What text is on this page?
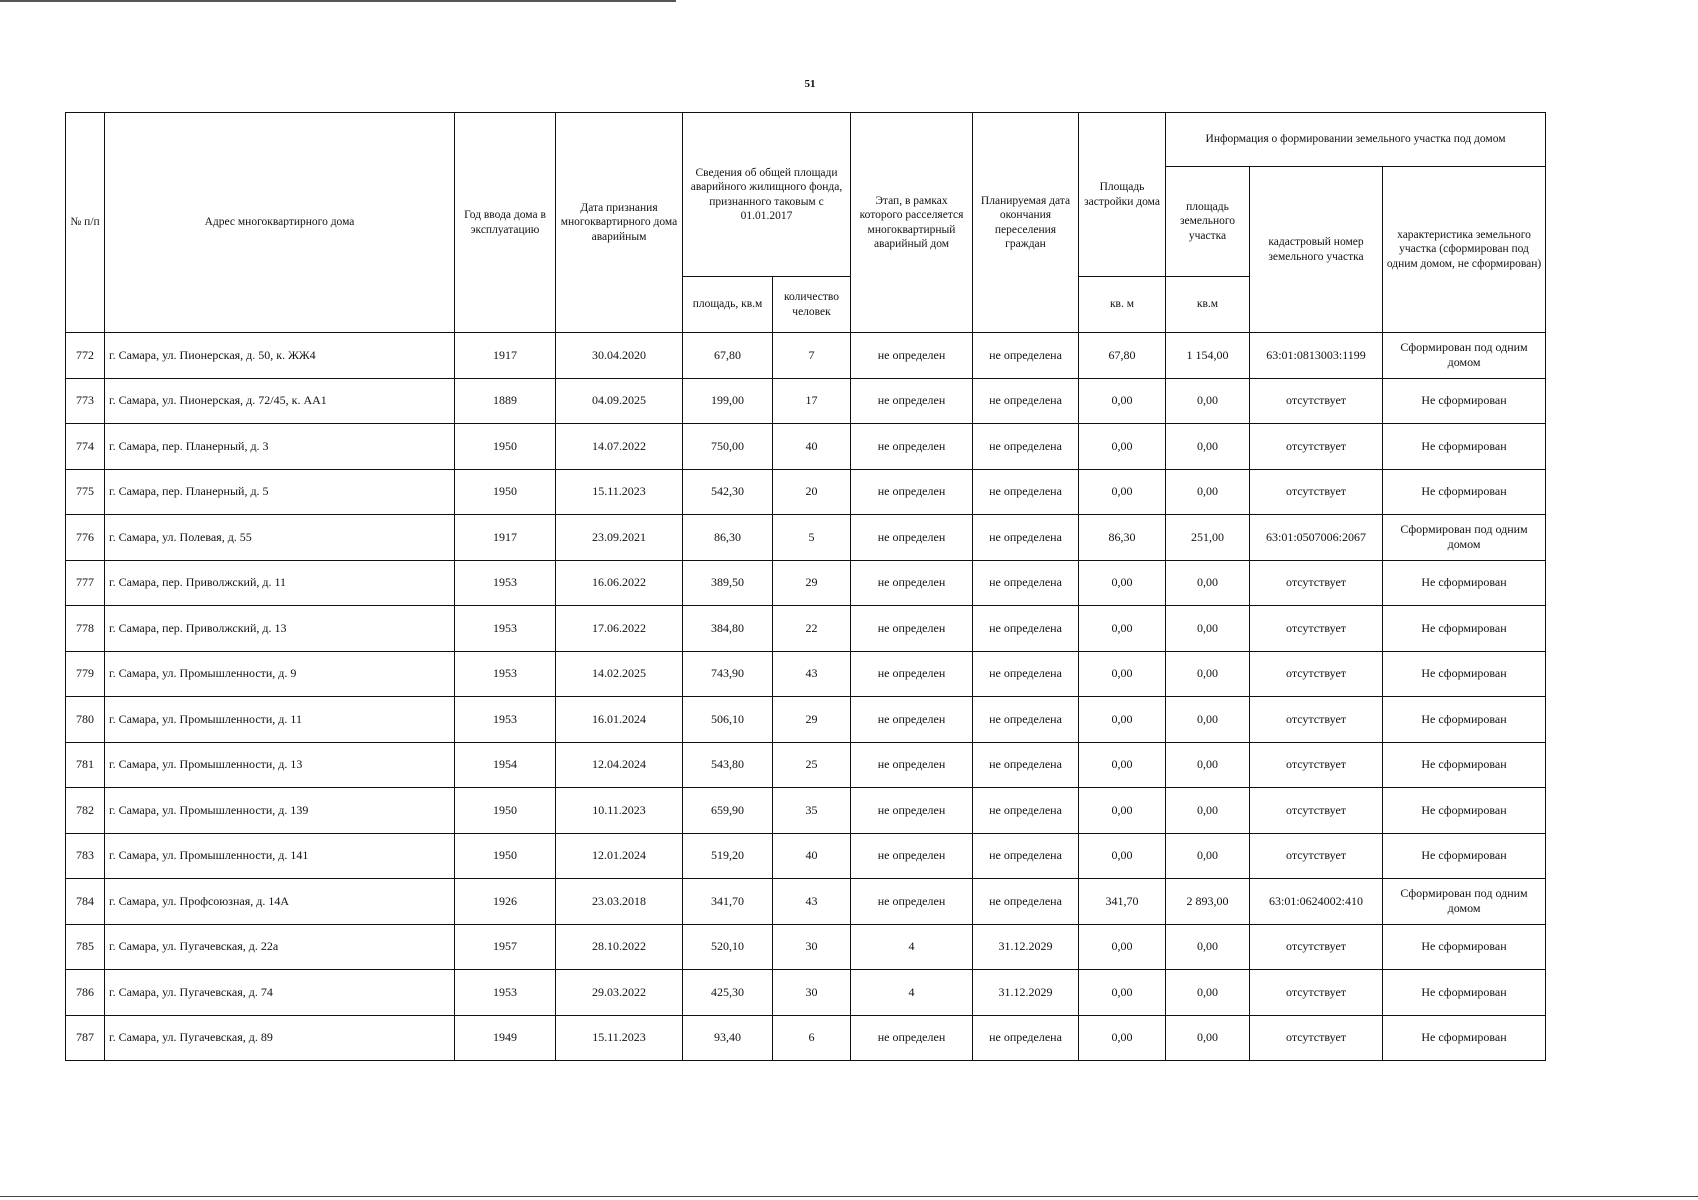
51
№ п/п	Адрес многоквартирного дома	Год ввода дома в эксплуатацию	Дата признания многоквартирного дома аварийным	Сведения об общей площади аварийного жилищного фонда, признанного таковым с 01.01.2017		Этап, в рамках которого расселяется многоквартирный аварийный дом	Планируемая дата окончания переселения граждан	Площадь застройки дома	Информация о формировании земельного участка под домом		
									площадь земельного участка	кадастровый номер земельного участка	характеристика земельного участка (сформирован под одним домом, не сформирован)
				площадь, кв.м	количество человек			кв. м	кв.м		
772	г. Самара, ул. Пионерская, д. 50, к. ЖЖ4	1917	30.04.2020	67,80	7	не определен	не определена	67,80	1 154,00	63:01:0813003:1199	Сформирован под одним домом
773	г. Самара, ул. Пионерская, д. 72/45, к. АА1	1889	04.09.2025	199,00	17	не определен	не определена	0,00	0,00	отсутствует	Не сформирован
774	г. Самара, пер. Планерный, д. 3	1950	14.07.2022	750,00	40	не определен	не определена	0,00	0,00	отсутствует	Не сформирован
775	г. Самара, пер. Планерный, д. 5	1950	15.11.2023	542,30	20	не определен	не определена	0,00	0,00	отсутствует	Не сформирован
776	г. Самара, ул. Полевая, д. 55	1917	23.09.2021	86,30	5	не определен	не определена	86,30	251,00	63:01:0507006:2067	Сформирован под одним домом
777	г. Самара, пер. Приволжский, д. 11	1953	16.06.2022	389,50	29	не определен	не определена	0,00	0,00	отсутствует	Не сформирован
778	г. Самара, пер. Приволжский, д. 13	1953	17.06.2022	384,80	22	не определен	не определена	0,00	0,00	отсутствует	Не сформирован
779	г. Самара, ул. Промышленности, д. 9	1953	14.02.2025	743,90	43	не определен	не определена	0,00	0,00	отсутствует	Не сформирован
780	г. Самара, ул. Промышленности, д. 11	1953	16.01.2024	506,10	29	не определен	не определена	0,00	0,00	отсутствует	Не сформирован
781	г. Самара, ул. Промышленности, д. 13	1954	12.04.2024	543,80	25	не определен	не определена	0,00	0,00	отсутствует	Не сформирован
782	г. Самара, ул. Промышленности, д. 139	1950	10.11.2023	659,90	35	не определен	не определена	0,00	0,00	отсутствует	Не сформирован
783	г. Самара, ул. Промышленности, д. 141	1950	12.01.2024	519,20	40	не определен	не определена	0,00	0,00	отсутствует	Не сформирован
784	г. Самара, ул. Профсоюзная, д. 14А	1926	23.03.2018	341,70	43	не определен	не определена	341,70	2 893,00	63:01:0624002:410	Сформирован под одним домом
785	г. Самара, ул. Пугачевская, д. 22а	1957	28.10.2022	520,10	30	4	31.12.2029	0,00	0,00	отсутствует	Не сформирован
786	г. Самара, ул. Пугачевская, д. 74	1953	29.03.2022	425,30	30	4	31.12.2029	0,00	0,00	отсутствует	Не сформирован
787	г. Самара, ул. Пугачевская, д. 89	1949	15.11.2023	93,40	6	не определен	не определена	0,00	0,00	отсутствует	Не сформирован
